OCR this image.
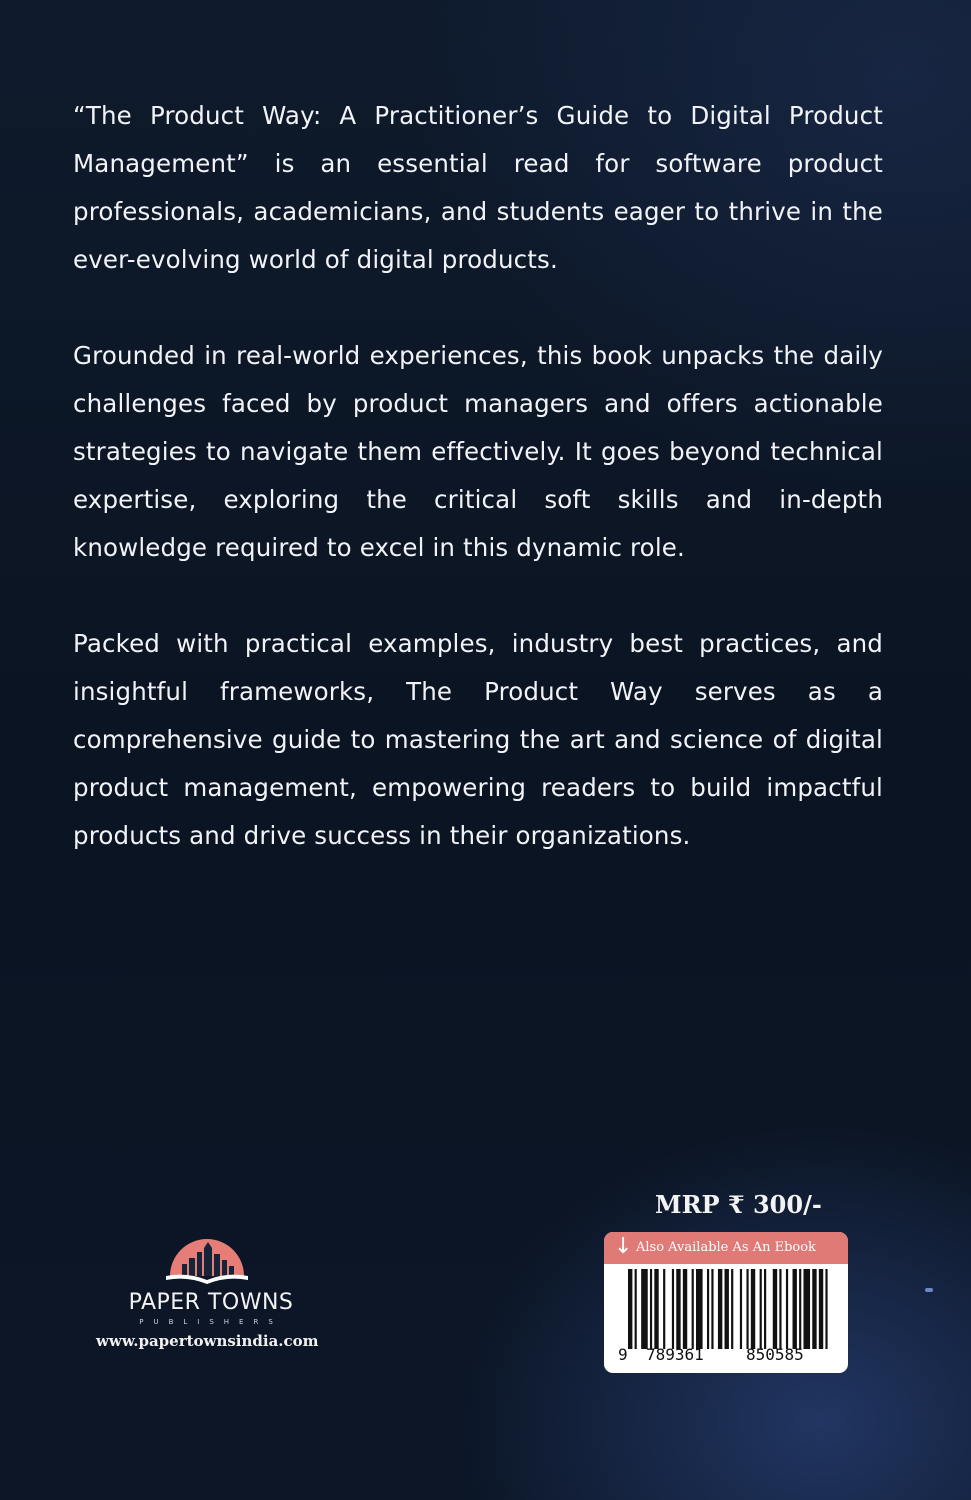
“The Product Way: A Practitioner’s Guide to Digital Product Management” is an essential read for software product professionals, academicians, and students eager to thrive in the ever-evolving world of digital products.

Grounded in real-world experiences, this book unpacks the daily challenges faced by product managers and offers actionable strategies to navigate them effectively. It goes beyond technical expertise, exploring the critical soft skills and in-depth knowledge required to excel in this dynamic role.

Packed with practical examples, industry best practices, and insightful frameworks, The Product Way serves as a comprehensive guide to mastering the art and science of digital product management, empowering readers to build impactful products and drive success in their organizations.

PAPER TOWNS
PUBLISHERS
www.papertownsindia.com
MRP ₹ 300/-
↓ Also Available As An Ebook
9 789361	850585
